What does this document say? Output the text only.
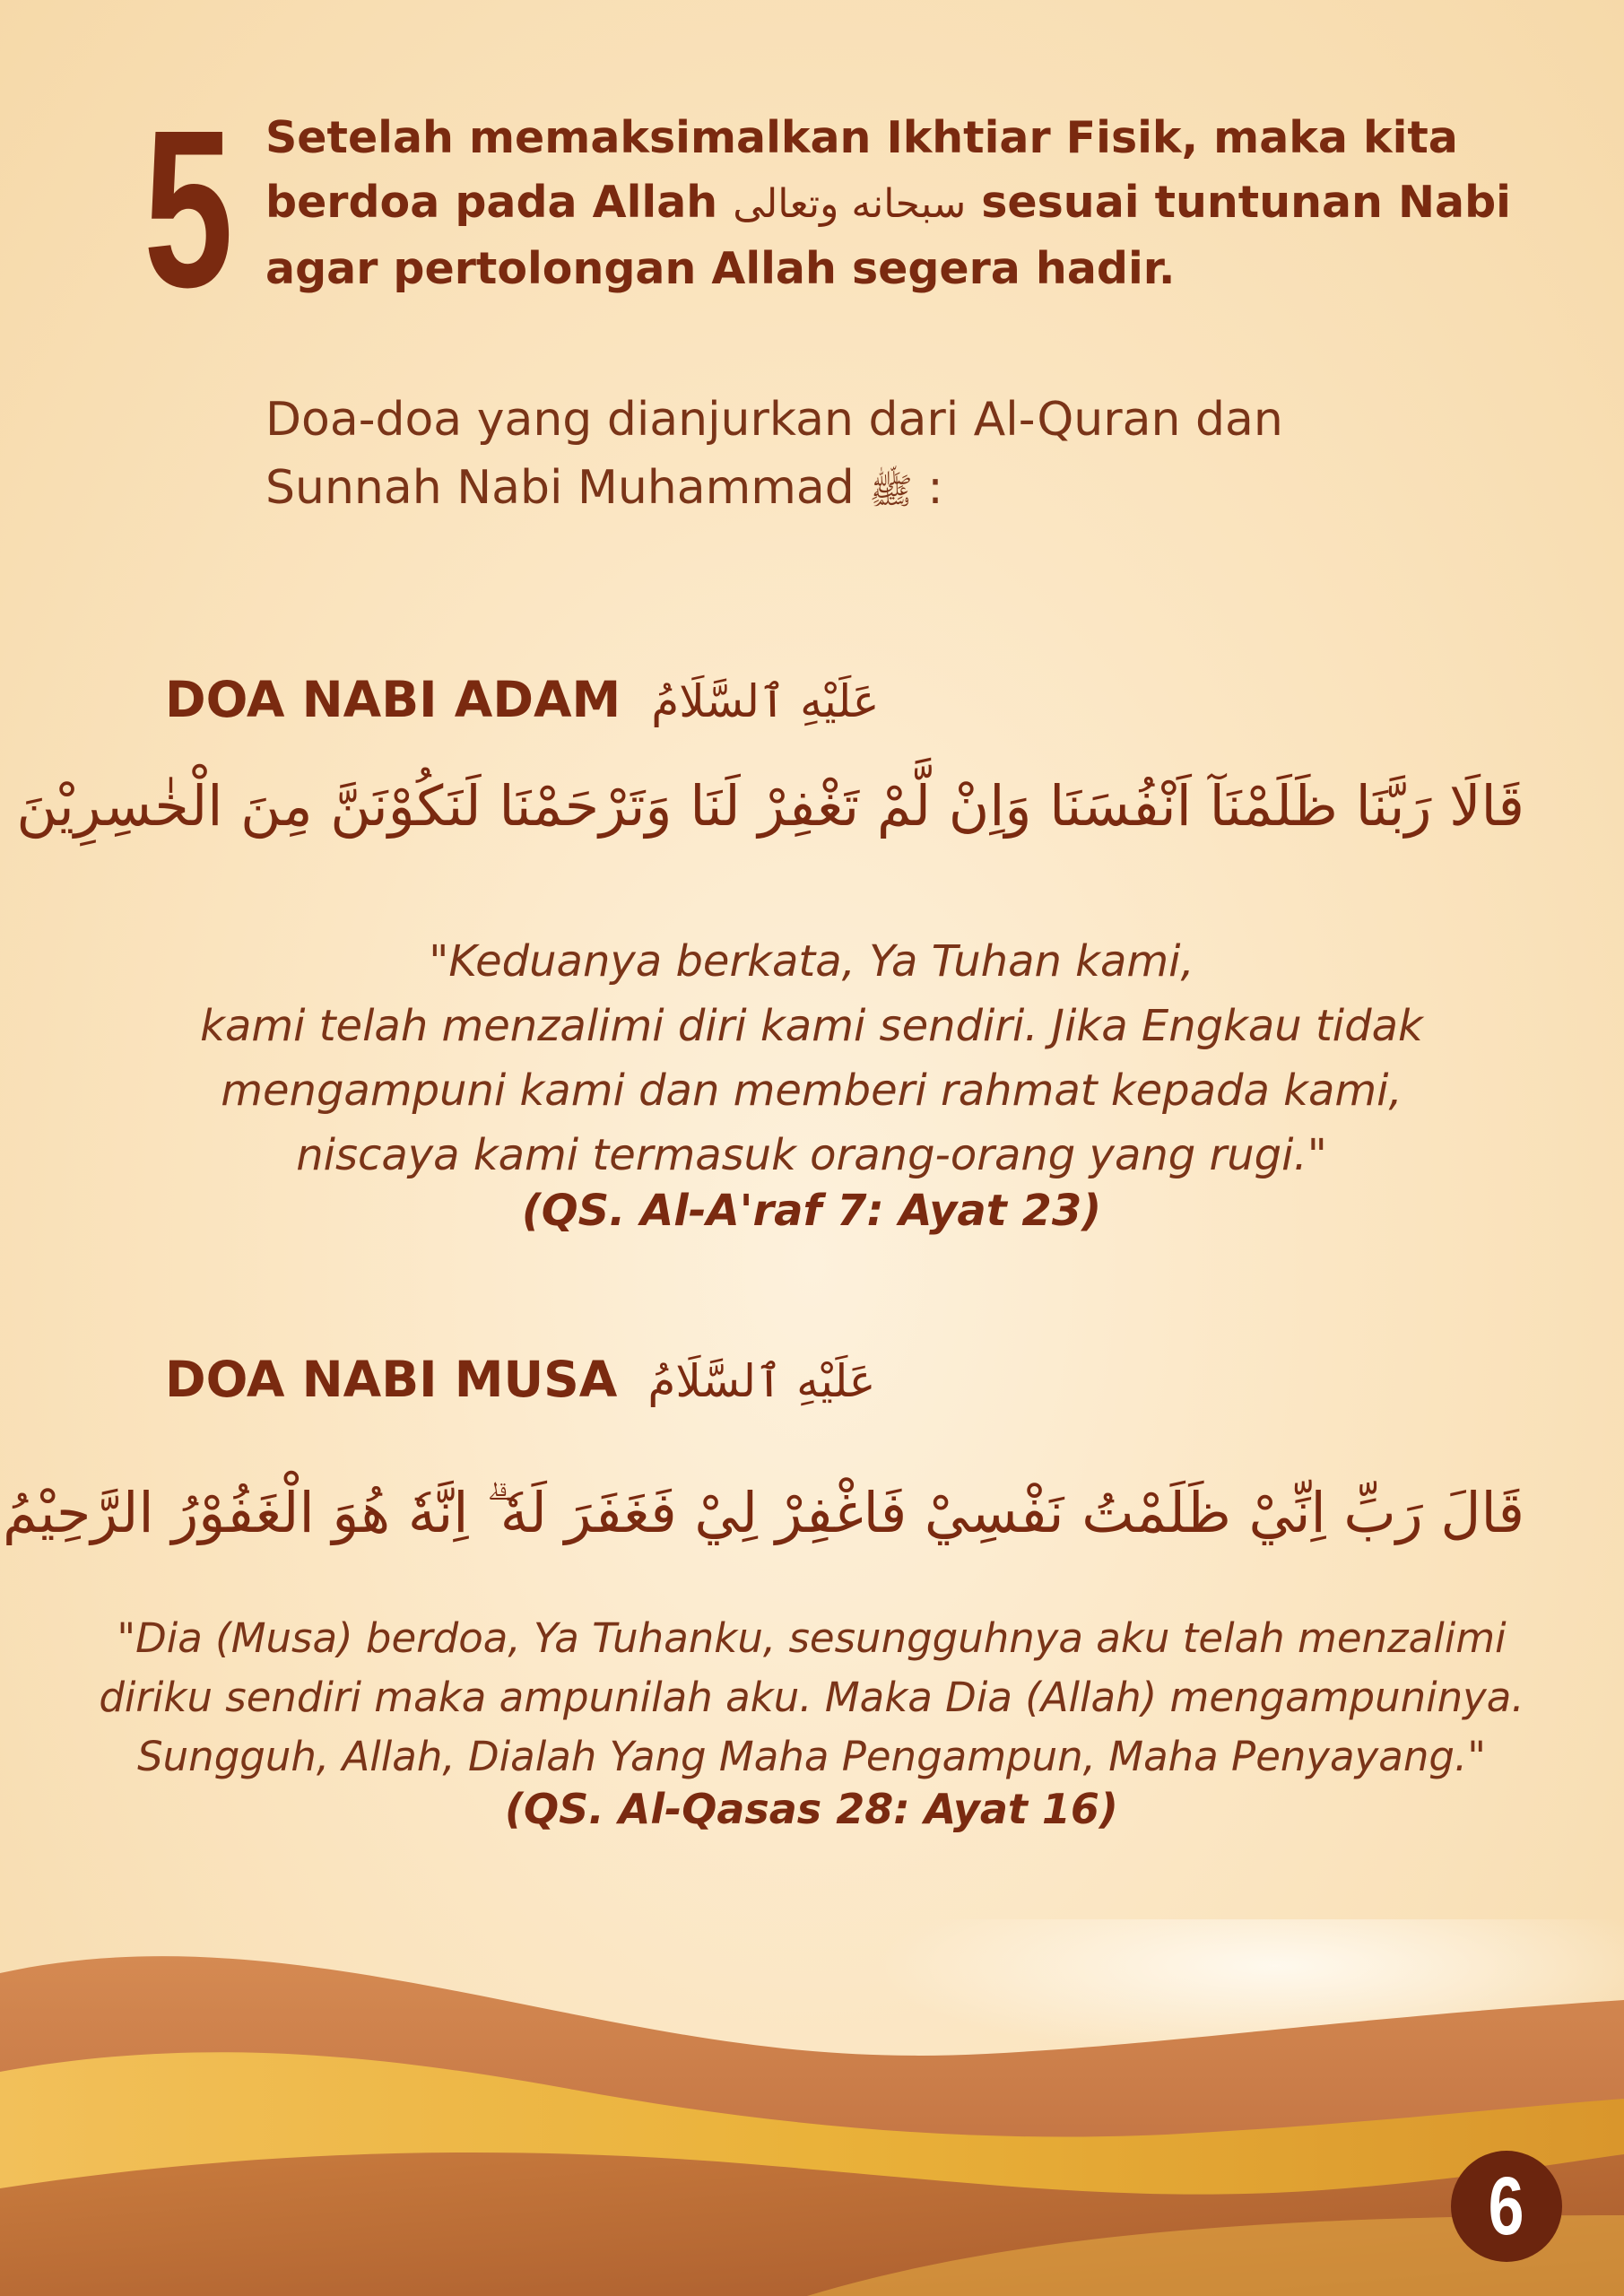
5 Setelah memaksimalkan Ikhtiar Fisik, maka kita berdoa pada Allah سبحانه وتعالى sesuai tuntunan Nabi agar pertolongan Allah segera hadir.

Doa-doa yang dianjurkan dari Al-Quran dan Sunnah Nabi Muhammad ﷺ :

DOA NABI ADAM عَلَيْهِ ٱلسَّلَامُ

قَالَا رَبَّنَا ظَلَمْنَآ اَنْفُسَنَا وَاِنْ لَّمْ تَغْفِرْ لَنَا وَتَرْحَمْنَا لَنَكُوْنَنَّ مِنَ الْخٰسِرِيْنَ

"Keduanya berkata, Ya Tuhan kami,
kami telah menzalimi diri kami sendiri. Jika Engkau tidak
mengampuni kami dan memberi rahmat kepada kami,
niscaya kami termasuk orang-orang yang rugi."

(QS. Al-A'raf 7: Ayat 23)

DOA NABI MUSA عَلَيْهِ ٱلسَّلَامُ

قَالَ رَبِّ اِنِّيْ ظَلَمْتُ نَفْسِيْ فَاغْفِرْ لِيْ فَغَفَرَ لَهٗ ۗ اِنَّهٗ هُوَ الْغَفُوْرُ الرَّحِيْمُ

"Dia (Musa) berdoa, Ya Tuhanku, sesungguhnya aku telah menzalimi
diriku sendiri maka ampunilah aku. Maka Dia (Allah) mengampuninya.
Sungguh, Allah, Dialah Yang Maha Pengampun, Maha Penyayang."

(QS. Al-Qasas 28: Ayat 16)

6
